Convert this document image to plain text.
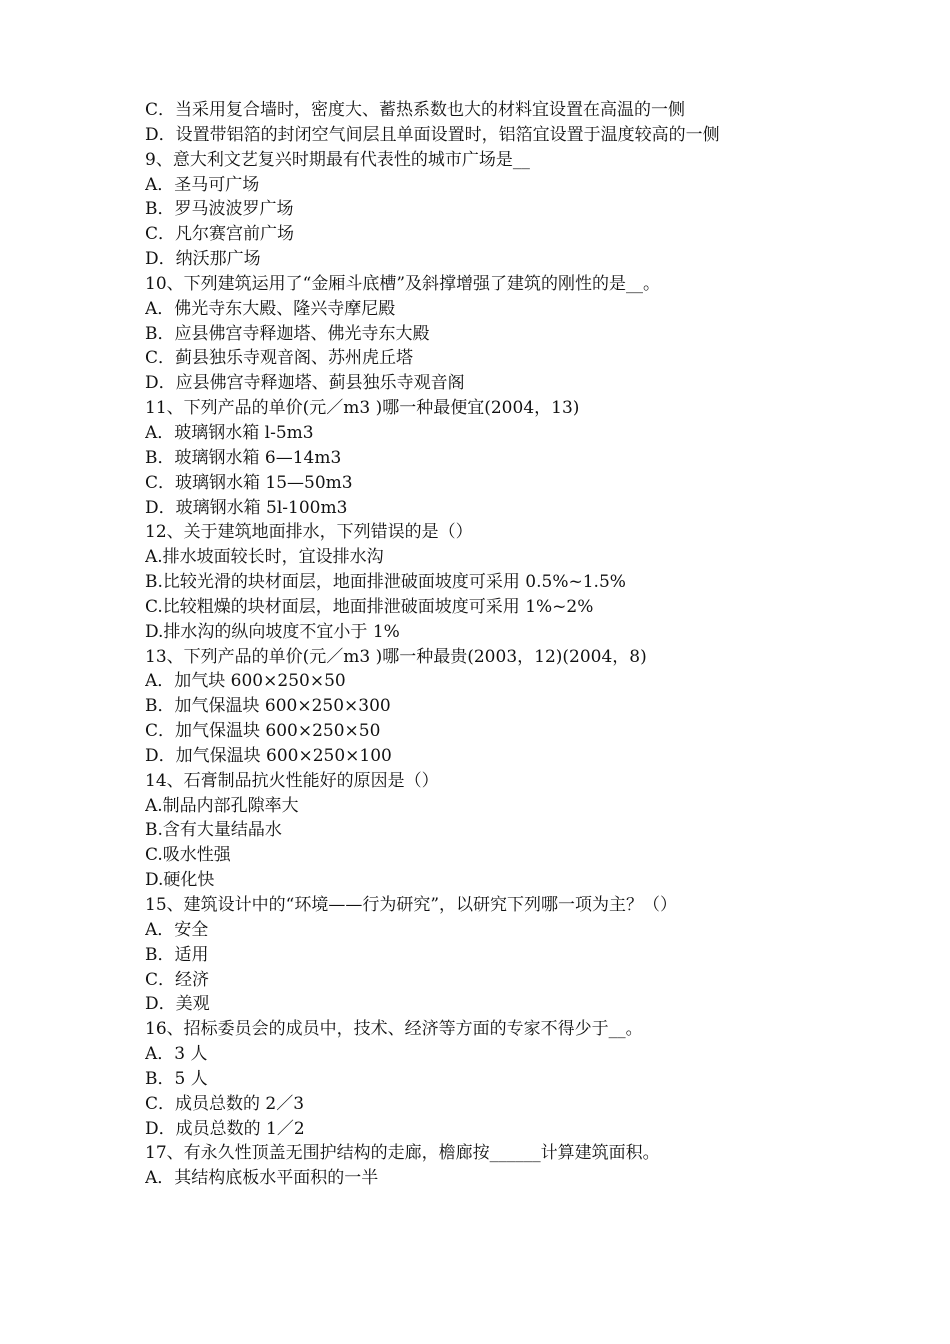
C．当采用复合墙时，密度大、蓄热系数也大的材料宜设置在高温的一侧
D．设置带铝箔的封闭空气间层且单面设置时，铝箔宜设置于温度较高的一侧
9、意大利文艺复兴时期最有代表性的城市广场是__
A．圣马可广场
B．罗马波波罗广场
C．凡尔赛宫前广场
D．纳沃那广场
10、下列建筑运用了“金厢斗底槽”及斜撑增强了建筑的刚性的是__。
A．佛光寺东大殿、隆兴寺摩尼殿
B．应县佛宫寺释迦塔、佛光寺东大殿
C．蓟县独乐寺观音阁、苏州虎丘塔
D．应县佛宫寺释迦塔、蓟县独乐寺观音阁
11、下列产品的单价(元／m3 )哪一种最便宜(2004，13)
A．玻璃钢水箱 l-5m3
B．玻璃钢水箱 6—14m3
C．玻璃钢水箱 15—50m3
D．玻璃钢水箱 5l-100m3
12、关于建筑地面排水，下列错误的是（）
A.排水坡面较长时，宜设排水沟
B.比较光滑的块材面层，地面排泄破面坡度可采用 0.5%~1.5%
C.比较粗燥的块材面层，地面排泄破面坡度可采用 1%~2%
D.排水沟的纵向坡度不宜小于 1%
13、下列产品的单价(元／m3 )哪一种最贵(2003，12)(2004，8)
A．加气块 600×250×50
B．加气保温块 600×250×300
C．加气保温块 600×250×50
D．加气保温块 600×250×100
14、石膏制品抗火性能好的原因是（）
A.制品内部孔隙率大
B.含有大量结晶水
C.吸水性强
D.硬化快
15、建筑设计中的“环境——行为研究”，以研究下列哪一项为主？（）
A．安全
B．适用
C．经济
D．美观
16、招标委员会的成员中，技术、经济等方面的专家不得少于__。
A．3 人
B．5 人
C．成员总数的 2／3
D．成员总数的 1／2
17、有永久性顶盖无围护结构的走廊，檐廊按______计算建筑面积。
A．其结构底板水平面积的一半
